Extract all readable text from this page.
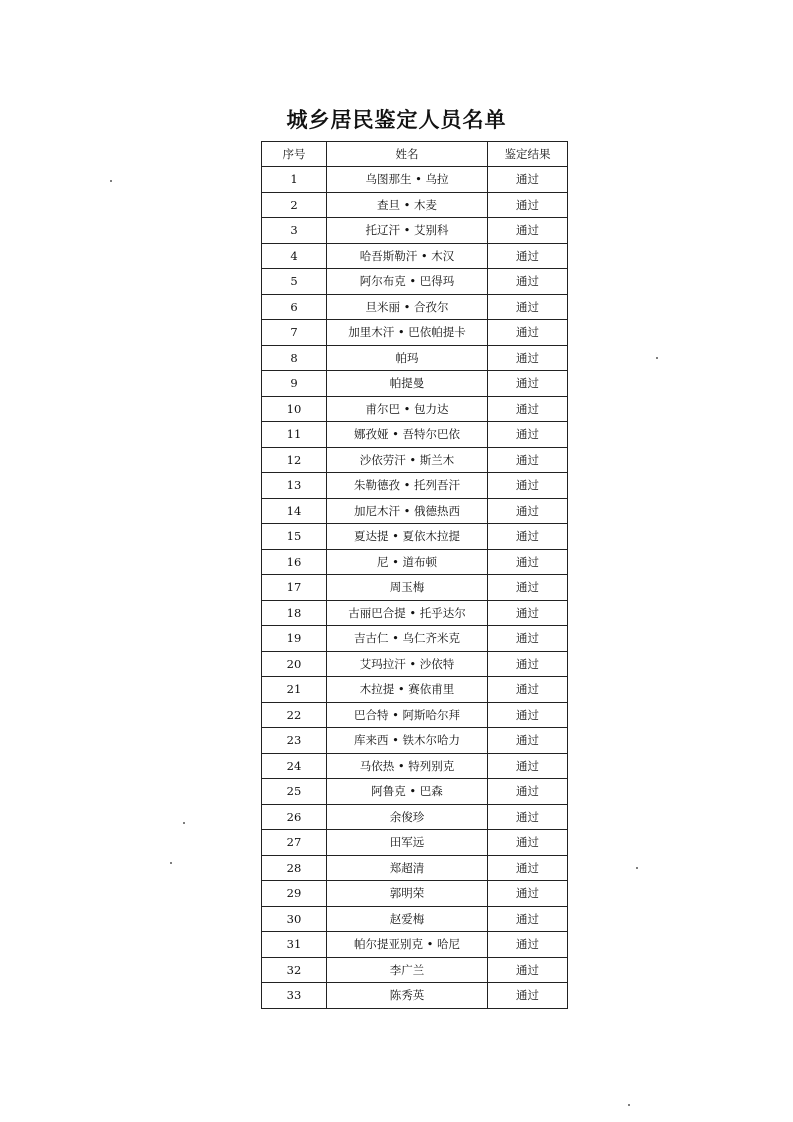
城乡居民鉴定人员名单
序号	姓名	鉴定结果
1	乌图那生 • 乌拉	通过
2	查旦 • 木麦	通过
3	托辽汗 • 艾别科	通过
4	哈吾斯勒汗 • 木汉	通过
5	阿尔布克 • 巴得玛	通过
6	旦米丽 • 合孜尔	通过
7	加里木汗 • 巴依帕提卡	通过
8	帕玛	通过
9	帕提曼	通过
10	甫尔巴 • 包力达	通过
11	娜孜娅 • 吾特尔巴依	通过
12	沙依劳汗 • 斯兰木	通过
13	朱勒德孜 • 托列吾汗	通过
14	加尼木汗 • 俄德热西	通过
15	夏达提 • 夏依木拉提	通过
16	尼 • 道布顿	通过
17	周玉梅	通过
18	古丽巴合提 • 托乎达尔	通过
19	吉古仁 • 乌仁齐米克	通过
20	艾玛拉汗 • 沙依特	通过
21	木拉提 • 赛依甫里	通过
22	巴合特 • 阿斯哈尔拜	通过
23	库来西 • 铁木尔哈力	通过
24	马依热 • 特列别克	通过
25	阿鲁克 • 巴森	通过
26	余俊珍	通过
27	田军远	通过
28	郑超清	通过
29	郭明荣	通过
30	赵爱梅	通过
31	帕尔提亚别克 • 哈尼	通过
32	李广兰	通过
33	陈秀英	通过
